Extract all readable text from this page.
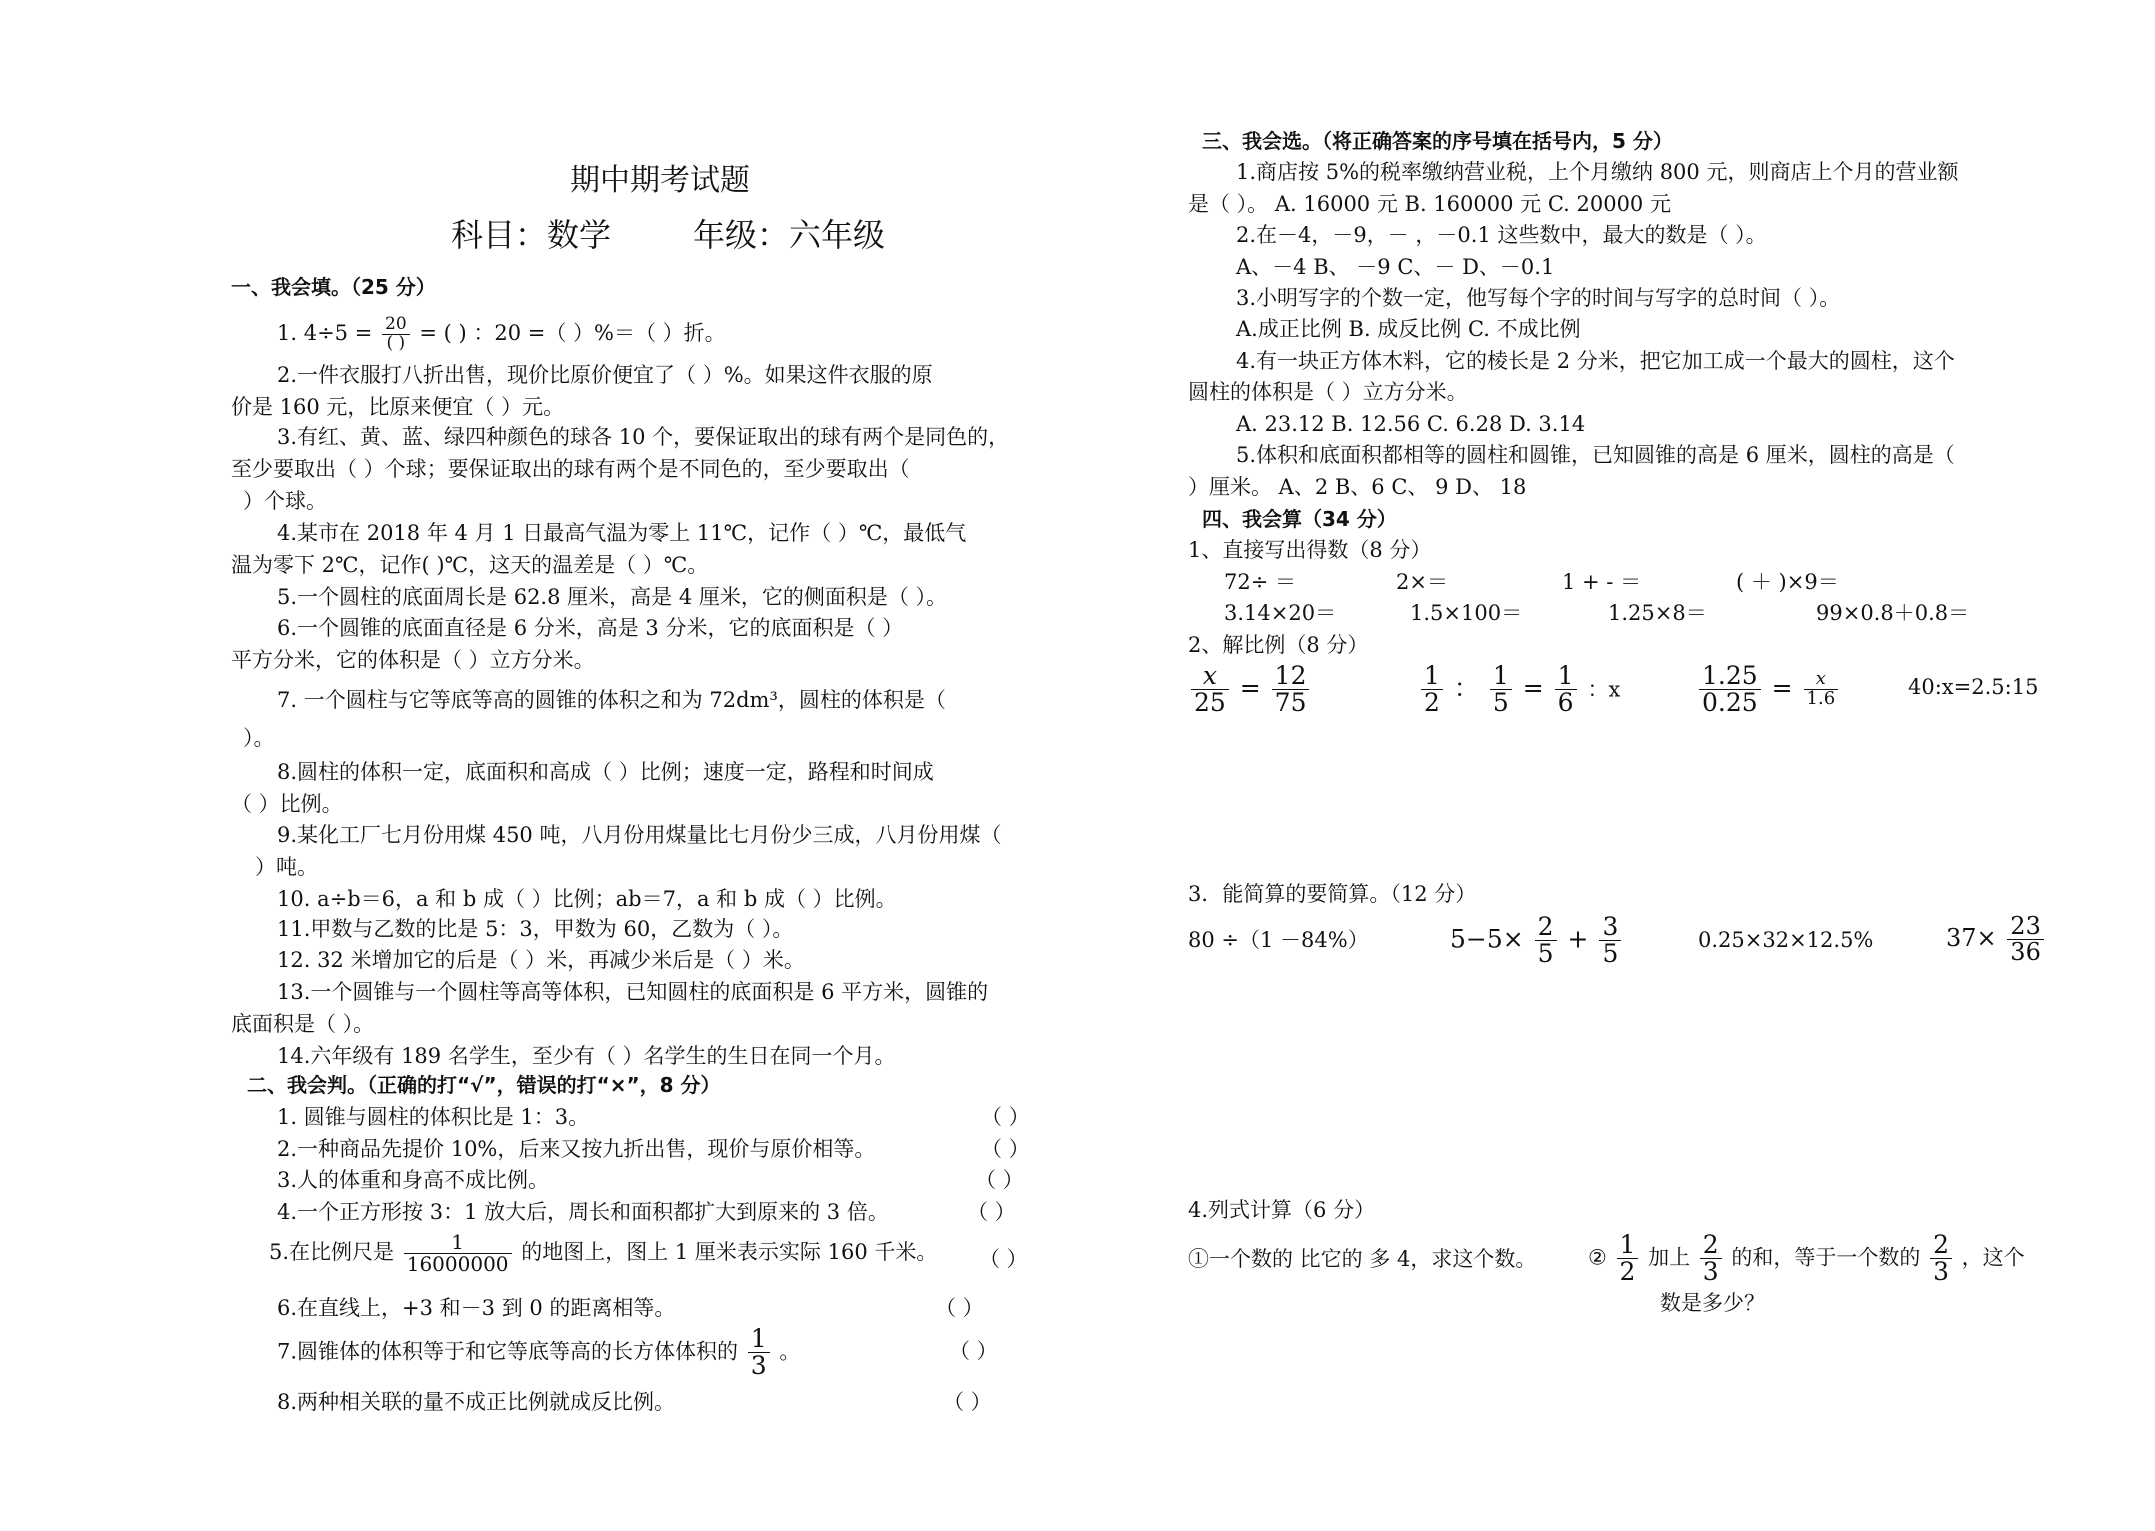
期中期考试题
科目：数学	年级：六年级
一、我会填。（25 分）
1. $4\div 5 = \frac{20}{( )}$ = ( ) ：20 =（ ）%＝（ ）折。
2.一件衣服打八折出售，现价比原价便宜了（ ）%。如果这件衣服的原
价是 160 元，比原来便宜（ ）元。
3.有红、黄、蓝、绿四种颜色的球各 10 个，要保证取出的球有两个是同色的，
至少要取出（ ）个球；要保证取出的球有两个是不同色的，至少要取出（
）个球。
4.某市在 2018 年 4 月 1 日最高气温为零上 11℃，记作（ ）℃，最低气
温为零下 2℃，记作( )℃，这天的温差是（ ）℃。
5.一个圆柱的底面周长是 62.8 厘米，高是 4 厘米，它的侧面积是（ ）。
6.一个圆锥的底面直径是 6 分米，高是 3 分米，它的底面积是（ ）
平方分米，它的体积是（ ）立方分米。
7. 一个圆柱与它等底等高的圆锥的体积之和为 72dm³，圆柱的体积是（
）。
8.圆柱的体积一定，底面积和高成（ ）比例；速度一定，路程和时间成
（ ）比例。
9.某化工厂七月份用煤 450 吨，八月份用煤量比七月份少三成，八月份用煤（
）吨。
10. a÷b＝6，a 和 b 成（ ）比例；ab＝7，a 和 b 成（ ）比例。
11.甲数与乙数的比是 5：3，甲数为 60，乙数为（ ）。
12. 32 米增加它的后是（ ）米，再减少米后是（ ）米。
13.一个圆锥与一个圆柱等高等体积，已知圆柱的底面积是 6 平方米，圆锥的
底面积是（ ）。
14.六年级有 189 名学生，至少有（ ）名学生的生日在同一个月。
二、我会判。（正确的打“√”，错误的打“×”，8 分）
1. 圆锥与圆柱的体积比是 1：3。	（ ）
2.一种商品先提价 10%，后来又按九折出售，现价与原价相等。	（ ）
3.人的体重和身高不成比例。	（ ）
4.一个正方形按 3：1 放大后，周长和面积都扩大到原来的 3 倍。	（ ）
5.在比例尺是 $\frac{1}{16000000}$ 的地图上，图上 1 厘米表示实际 160 千米。 （ ）
6.在直线上，+3 和－3 到 0 的距离相等。	（ ）
7.圆锥体的体积等于和它等底等高的长方体体积的 $\frac{1}{3}$ 。	（ ）
8.两种相关联的量不成正比例就成反比例。	（ ）
三、我会选。（将正确答案的序号填在括号内，5 分）
1.商店按 5%的税率缴纳营业税，上个月缴纳 800 元，则商店上个月的营业额
是（ ）。 A. 16000 元 B. 160000 元 C. 20000 元
2.在－4，－9，－ ，－0.1 这些数中，最大的数是（ ）。
A、－4 B、 －9 C、－ D、－0.1
3.小明写字的个数一定，他写每个字的时间与写字的总时间（ ）。
A.成正比例 B. 成反比例 C. 不成比例
4.有一块正方体木料，它的棱长是 2 分米，把它加工成一个最大的圆柱，这个
圆柱的体积是（ ）立方分米。
A. 23.12 B. 12.56 C. 6.28 D. 3.14
5.体积和底面积都相等的圆柱和圆锥，已知圆锥的高是 6 厘米，圆柱的高是（
）厘米。 A、2 B、6 C、 9 D、 18
四、我会算（34 分）
1、直接写出得数（8 分）
72÷ ＝	2×＝	1 + - ＝	( ＋ )×9＝
3.14×20＝	1.5×100＝	1.25×8＝	99×0.8＋0.8＝
2、解比例（8 分）
$\frac{x}{25} = \frac{12}{75}$	$\frac{1}{2}$ ： $\frac{1}{5} = \frac{1}{6}$ ：x	$\frac{1.25}{0.25} = \frac{x}{1.6}$	40:x=2.5:15
3．能简算的要简算。（12 分）
80 ÷（1 －84%）	$5-5\times \frac{2}{5} + \frac{3}{5}$	0.25×32×12.5%	$37\times \frac{23}{36}$
4.列式计算（6 分）
①一个数的 比它的 多 4，求这个数。 ② $\frac{1}{2}$ 加上 $\frac{2}{3}$ 的和，等于一个数的 $\frac{2}{3}$ ，这个
数是多少？
